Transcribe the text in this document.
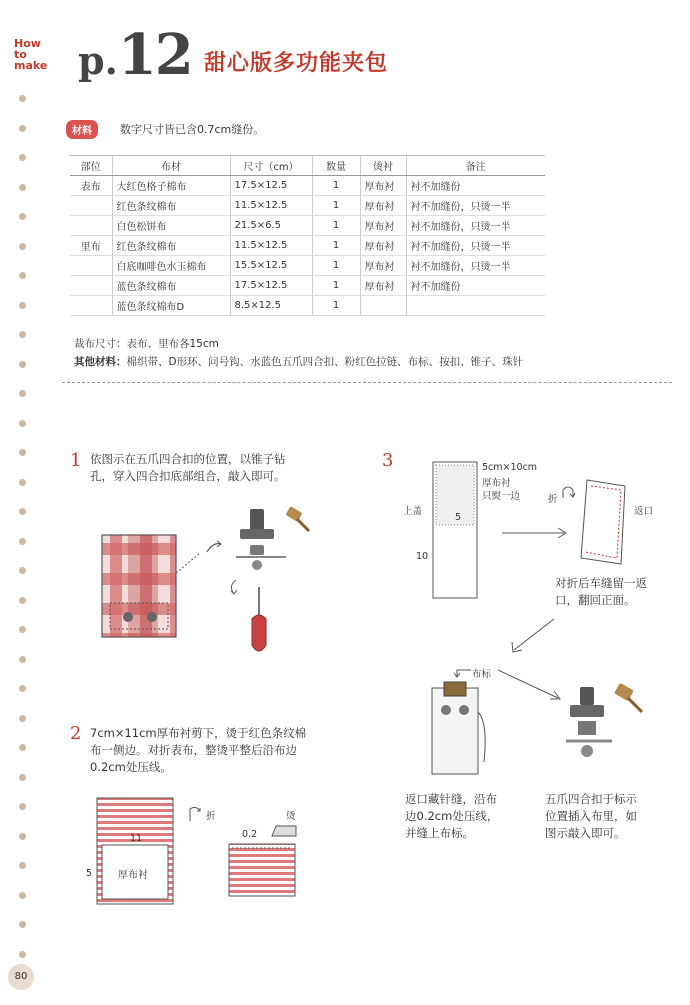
How
to
make p.12 甜心版多功能夹包
材料	数字尺寸皆已含0.7cm缝份。
部位	布材	尺寸（cm）	数量	烫衬	备注
表布	大红色格子棉布	17.5×12.5	1	厚布衬	衬不加缝份
	红色条纹棉布	11.5×12.5	1	厚布衬	衬不加缝份，只烫一半
	白色松饼布	21.5×6.5	1	厚布衬	衬不加缝份，只烫一半
里布	红色条纹棉布	11.5×12.5	1	厚布衬	衬不加缝份，只烫一半
	白底咖啡色水玉棉布	15.5×12.5	1	厚布衬	衬不加缝份，只烫一半
	蓝色条纹棉布	17.5×12.5	1	厚布衬	衬不加缝份
	蓝色条纹棉布D	8.5×12.5	1		
裁布尺寸：表布、里布各15cm
其他材料：棉织带、D形环、问号钩、水蓝色五爪四合扣、粉红色拉链、布标、按扣、锥子、珠针
1 依图示在五爪四合扣的位置，以锥子钻
孔，穿入四合扣底部组合，敲入即可。
2 7cm×11cm厚布衬剪下，烫于红色条纹棉
布一侧边。对折表布，整烫平整后沿布边
0.2cm处压线。
11
5	厚布衬
折
0.2
烫
3	5cm×10cm
厚布衬
只熨一边
上盖
5
10
折
返口
对折后车缝留一返
口，翻回正面。
布标
返口藏针缝，沿布
边0.2cm处压线，
并缝上布标。
五爪四合扣于标示
位置插入布里，如
图示敲入即可。
80
